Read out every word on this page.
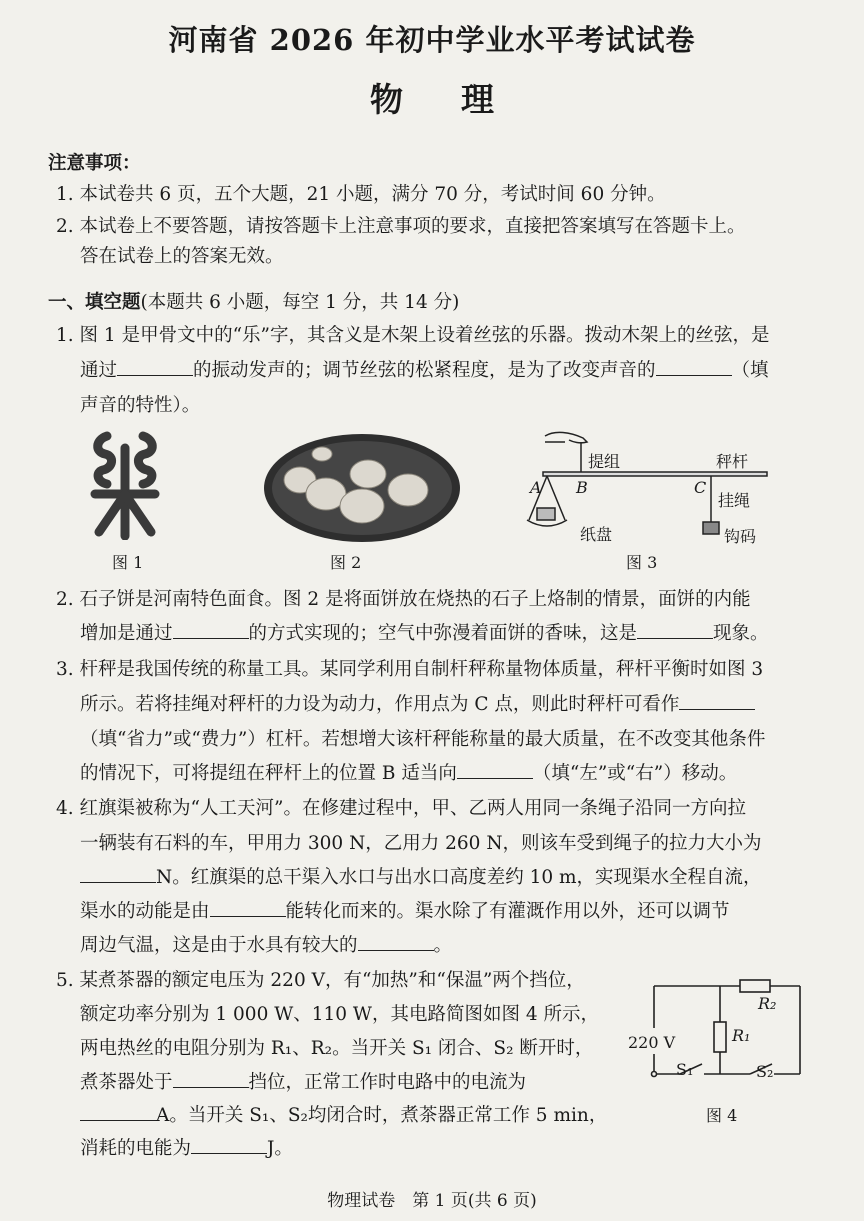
河南省 2026 年初中学业水平考试试卷
物理
注意事项：
1. 本试卷共 6 页，五个大题，21 小题，满分 70 分，考试时间 60 分钟。
2. 本试卷上不要答题，请按答题卡上注意事项的要求，直接把答案填写在答题卡上。
答在试卷上的答案无效。
一、填空题(本题共 6 小题，每空 1 分，共 14 分)
1. 图 1 是甲骨文中的“乐”字，其含义是木架上设着丝弦的乐器。拨动木架上的丝弦，是
通过	的振动发声的；调节丝弦的松紧程度，是为了改变声音的	（填
声音的特性）。
图 1	图 2
提组	秤杆
A B	C
挂绳
纸盘	钩码
图 3
2. 石子饼是河南特色面食。图 2 是将面饼放在烧热的石子上烙制的情景，面饼的内能
增加是通过	的方式实现的；空气中弥漫着面饼的香味，这是	现象。
3. 杆秤是我国传统的称量工具。某同学利用自制杆秤称量物体质量，秤杆平衡时如图 3
所示。若将挂绳对秤杆的力设为动力，作用点为 C 点，则此时秤杆可看作
（填“省力”或“费力”）杠杆。若想增大该杆秤能称量的最大质量，在不改变其他条件
的情况下，可将提纽在秤杆上的位置 B 适当向	（填“左”或“右”）移动。
4. 红旗渠被称为“人工天河”。在修建过程中，甲、乙两人用同一条绳子沿同一方向拉
一辆装有石料的车，甲用力 300 N，乙用力 260 N，则该车受到绳子的拉力大小为
N。红旗渠的总干渠入水口与出水口高度差约 10 m，实现渠水全程自流，
渠水的动能是由	能转化而来的。渠水除了有灌溉作用以外，还可以调节
周边气温，这是由于水具有较大的	。
5. 某煮茶器的额定电压为 220 V，有“加热”和“保温”两个挡位，
额定功率分别为 1 000 W、110 W，其电路简图如图 4 所示，
两电热丝的电阻分别为 R₁、R₂。当开关 S₁ 闭合、S₂ 断开时，
煮茶器处于	挡位，正常工作时电路中的电流为
A。当开关 S₁、S₂均闭合时，煮茶器正常工作 5 min，
消耗的电能为	J。
220 V	R₁
R₂
S₁	S₂
图 4
物理试卷　第 1 页(共 6 页)
